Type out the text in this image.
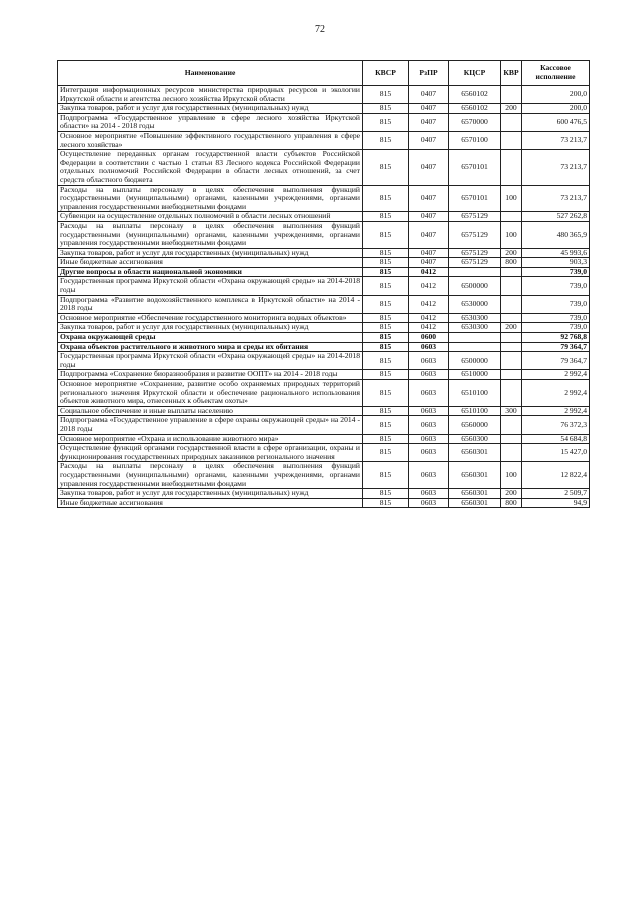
72
Наименование	КВСР	РзПР	КЦСР	КВР	Кассовое исполнение
Интеграция информационных ресурсов министерства природных ресурсов и экологии Иркутской области и агентства лесного хозяйства Иркутской области	815	0407	6560102		200,0
Закупка товаров, работ и услуг для государственных (муниципальных) нужд	815	0407	6560102	200	200,0
Подпрограмма «Государственное управление в сфере лесного хозяйства Иркутской области» на 2014 - 2018 годы	815	0407	6570000		600 476,5
Основное мероприятие «Повышение эффективного государственного управления в сфере лесного хозяйства»	815	0407	6570100		73 213,7
Осуществление переданных органам государственной власти субъектов Российской Федерации в соответствии с частью 1 статьи 83 Лесного кодекса Российской Федерации отдельных полномочий Российской Федерации в области лесных отношений, за счет средств областного бюджета	815	0407	6570101		73 213,7
Расходы на выплаты персоналу в целях обеспечения выполнения функций государственными (муниципальными) органами, казенными учреждениями, органами управления государственными внебюджетными фондами	815	0407	6570101	100	73 213,7
Субвенции на осуществление отдельных полномочий в области лесных отношений	815	0407	6575129		527 262,8
Расходы на выплаты персоналу в целях обеспечения выполнения функций государственными (муниципальными) органами, казенными учреждениями, органами управления государственными внебюджетными фондами	815	0407	6575129	100	480 365,9
Закупка товаров, работ и услуг для государственных (муниципальных) нужд	815	0407	6575129	200	45 993,6
Иные бюджетные ассигнования	815	0407	6575129	800	903,3
Другие вопросы в области национальной экономики	815	0412			739,0
Государственная программа Иркутской области «Охрана окружающей среды» на 2014-2018 годы	815	0412	6500000		739,0
Подпрограмма «Развитие водохозяйственного комплекса в Иркутской области» на 2014 - 2018 годы	815	0412	6530000		739,0
Основное мероприятие «Обеспечение государственного мониторинга водных объектов»	815	0412	6530300		739,0
Закупка товаров, работ и услуг для государственных (муниципальных) нужд	815	0412	6530300	200	739,0
Охрана окружающей среды	815	0600			92 768,8
Охрана объектов растительного и животного мира и среды их обитания	815	0603			79 364,7
Государственная программа Иркутской области «Охрана окружающей среды» на 2014-2018 годы	815	0603	6500000		79 364,7
Подпрограмма «Сохранение биоразнообразия и развитие ООПТ» на 2014 - 2018 годы	815	0603	6510000		2 992,4
Основное мероприятие «Сохранение, развитие особо охраняемых природных территорий регионального значения Иркутской области и обеспечение рационального использования объектов животного мира, отнесенных к объектам охоты»	815	0603	6510100		2 992,4
Социальное обеспечение и иные выплаты населению	815	0603	6510100	300	2 992,4
Подпрограмма «Государственное управление в сфере охраны окружающей среды» на 2014 - 2018 годы	815	0603	6560000		76 372,3
Основное мероприятие «Охрана и использование животного мира»	815	0603	6560300		54 684,8
Осуществление функций органами государственной власти в сфере организации, охраны и функционирования государственных природных заказников регионального значения	815	0603	6560301		15 427,0
Расходы на выплаты персоналу в целях обеспечения выполнения функций государственными (муниципальными) органами, казенными учреждениями, органами управления государственными внебюджетными фондами	815	0603	6560301	100	12 822,4
Закупка товаров, работ и услуг для государственных (муниципальных) нужд	815	0603	6560301	200	2 509,7
Иные бюджетные ассигнования	815	0603	6560301	800	94,9
